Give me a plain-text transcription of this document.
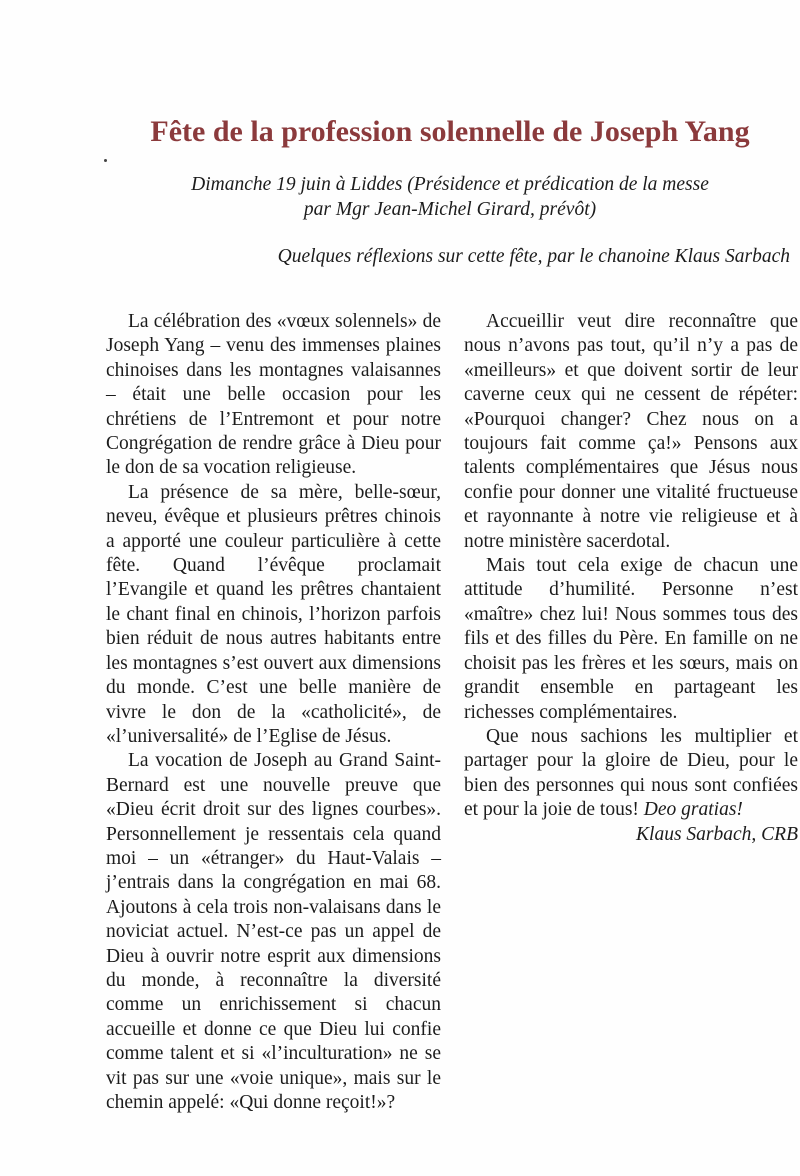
Fête de la profession solennelle de Joseph Yang
Dimanche 19 juin à Liddes (Présidence et prédication de la messe
par Mgr Jean-Michel Girard, prévôt)
Quelques réflexions sur cette fête, par le chanoine Klaus Sarbach

La célébration des «vœux solennels» de Joseph Yang – venu des immenses plaines chinoises dans les montagnes valaisannes – était une belle occasion pour les chrétiens de l’Entremont et pour notre Congrégation de rendre grâce à Dieu pour le don de sa vocation religieuse.

La présence de sa mère, belle-sœur, neveu, évêque et plusieurs prêtres chinois a apporté une couleur particulière à cette fête. Quand l’évêque proclamait l’Evangile et quand les prêtres chantaient le chant final en chinois, l’horizon parfois bien réduit de nous autres habitants entre les montagnes s’est ouvert aux dimensions du monde. C’est une belle manière de vivre le don de la «catholicité», de «l’universalité» de l’Eglise de Jésus.

La vocation de Joseph au Grand Saint-Bernard est une nouvelle preuve que «Dieu écrit droit sur des lignes courbes». Personnellement je ressentais cela quand moi – un «étranger» du Haut-Valais – j’entrais dans la congrégation en mai 68. Ajoutons à cela trois non-valaisans dans le noviciat actuel. N’est-ce pas un appel de Dieu à ouvrir notre esprit aux dimensions du monde, à reconnaître la diversité comme un enrichissement si chacun accueille et donne ce que Dieu lui confie comme talent et si «l’inculturation» ne se vit pas sur une «voie unique», mais sur le chemin appelé: «Qui donne reçoit!»?

Accueillir veut dire reconnaître que nous n’avons pas tout, qu’il n’y a pas de «meilleurs» et que doivent sortir de leur caverne ceux qui ne cessent de répéter: «Pourquoi changer? Chez nous on a toujours fait comme ça!» Pensons aux talents complémentaires que Jésus nous confie pour donner une vitalité fructueuse et rayonnante à notre vie religieuse et à notre ministère sacerdotal.

Mais tout cela exige de chacun une attitude d’humilité. Personne n’est «maître» chez lui! Nous sommes tous des fils et des filles du Père. En famille on ne choisit pas les frères et les sœurs, mais on grandit ensemble en partageant les richesses complémentaires.

Que nous sachions les multiplier et partager pour la gloire de Dieu, pour le bien des personnes qui nous sont confiées et pour la joie de tous! Deo gratias!

Klaus Sarbach, CRB
